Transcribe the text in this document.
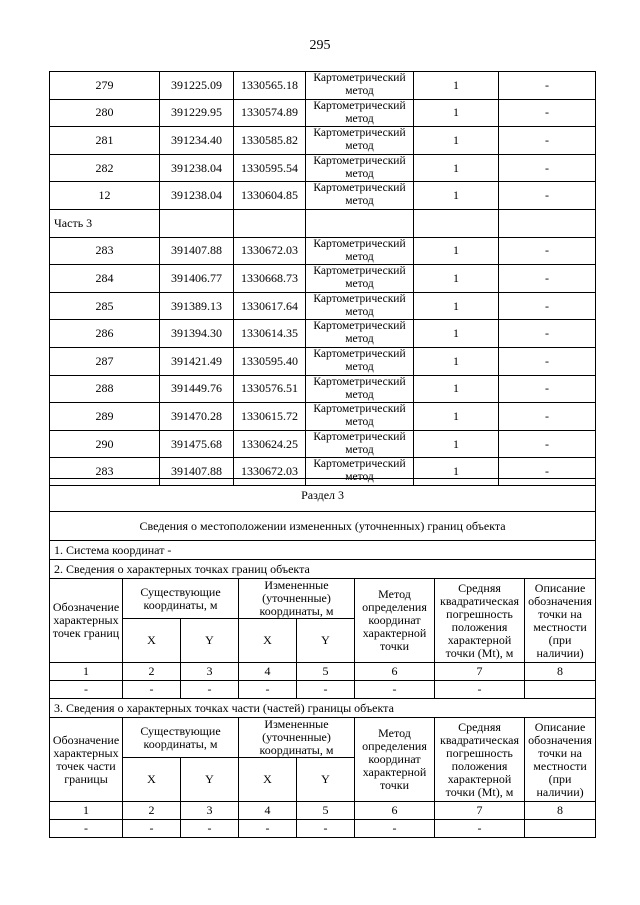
295
279	391225.09	1330565.18	Картометрический метод	1	-
280	391229.95	1330574.89	Картометрический метод	1	-
281	391234.40	1330585.82	Картометрический метод	1	-
282	391238.04	1330595.54	Картометрический метод	1	-
12	391238.04	1330604.85	Картометрический метод	1	-
Часть 3					
283	391407.88	1330672.03	Картометрический метод	1	-
284	391406.77	1330668.73	Картометрический метод	1	-
285	391389.13	1330617.64	Картометрический метод	1	-
286	391394.30	1330614.35	Картометрический метод	1	-
287	391421.49	1330595.40	Картометрический метод	1	-
288	391449.76	1330576.51	Картометрический метод	1	-
289	391470.28	1330615.72	Картометрический метод	1	-
290	391475.68	1330624.25	Картометрический метод	1	-
283	391407.88	1330672.03	Картометрический метод	1	-
Раздел 3							
Сведения о местоположении измененных (уточненных) границ объекта							
1. Система координат -							
2. Сведения о характерных точках границ объекта							
Обозначение характерных точек границ	Существующие координаты, м		Измененные (уточненные) координаты, м		Метод определения координат характерной точки	Средняя квадратическая погрешность положения характерной точки (Mt), м	Описание обозначения точки на местности (при наличии)
	X	Y	X	Y			
1	2	3	4	5	6	7	8
-	-	-	-	-	-	-	
3. Сведения о характерных точках части (частей) границы объекта							
Обозначение характерных точек части границы	Существующие координаты, м		Измененные (уточненные) координаты, м		Метод определения координат характерной точки	Средняя квадратическая погрешность положения характерной точки (Mt), м	Описание обозначения точки на местности (при наличии)
	X	Y	X	Y			
1	2	3	4	5	6	7	8
-	-	-	-	-	-	-	
